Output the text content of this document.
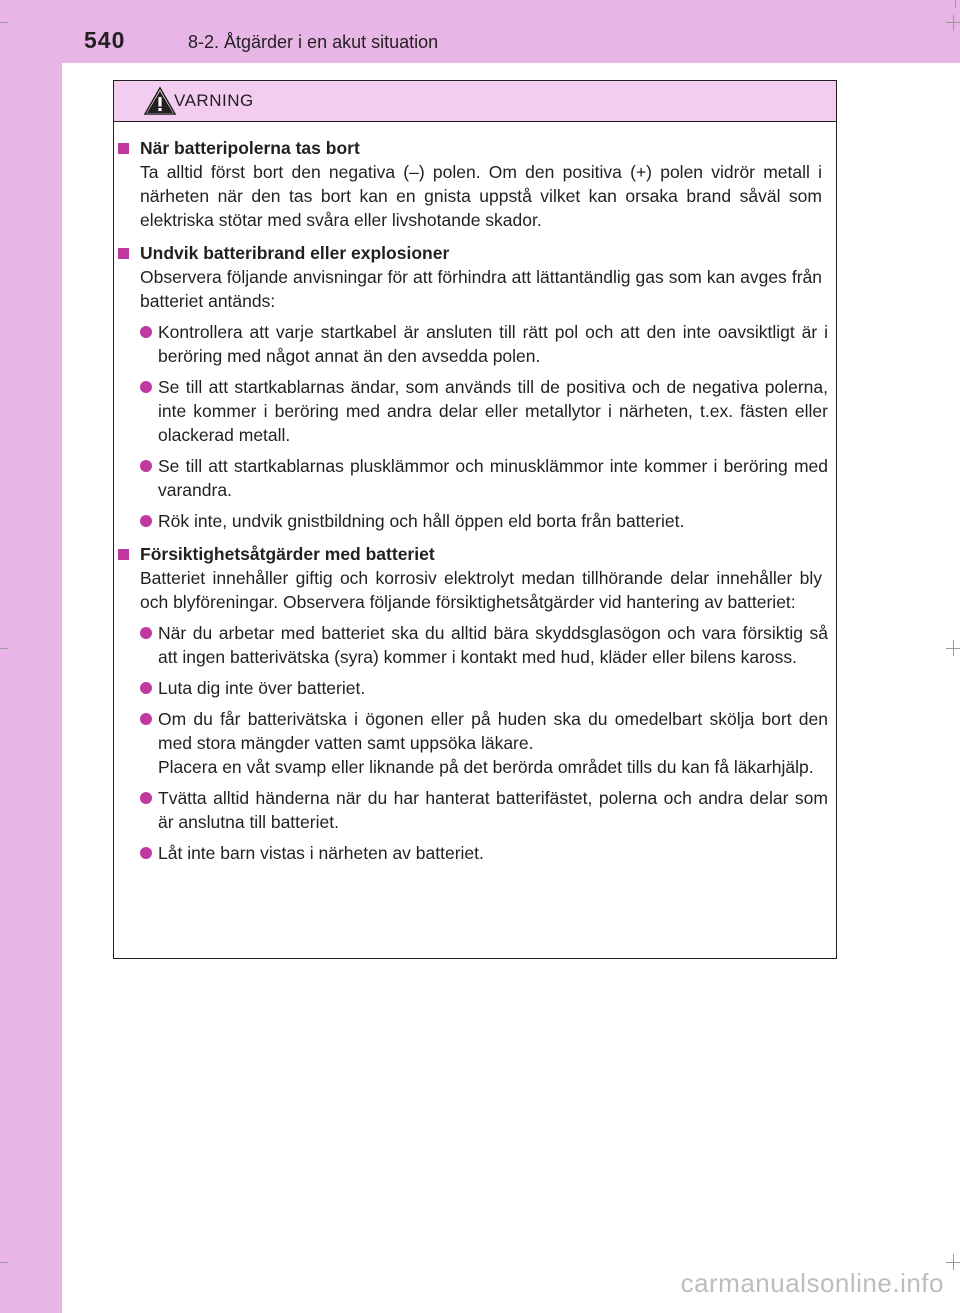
540	8-2. Åtgärder i en akut situation
VARNING
När batteripolerna tas bort
Ta alltid först bort den negativa (–) polen. Om den positiva (+) polen vidrör metall i närheten när den tas bort kan en gnista uppstå vilket kan orsaka brand såväl som elektriska stötar med svåra eller livshotande skador.
Undvik batteribrand eller explosioner
Observera följande anvisningar för att förhindra att lättantändlig gas som kan avges från batteriet antänds:

Kontrollera att varje startkabel är ansluten till rätt pol och att den inte oavsiktligt är i beröring med något annat än den avsedda polen.

Se till att startkablarnas ändar, som används till de positiva och de negativa polerna, inte kommer i beröring med andra delar eller metallytor i närheten, t.ex. fästen eller olackerad metall.

Se till att startkablarnas plusklämmor och minusklämmor inte kommer i beröring med varandra.

Rök inte, undvik gnistbildning och håll öppen eld borta från batteriet.

Försiktighetsåtgärder med batteriet
Batteriet innehåller giftig och korrosiv elektrolyt medan tillhörande delar innehåller bly och blyföreningar. Observera följande försiktighetsåtgärder vid hantering av batteriet:

När du arbetar med batteriet ska du alltid bära skyddsglasögon och vara försiktig så att ingen batterivätska (syra) kommer i kontakt med hud, kläder eller bilens kaross.

Luta dig inte över batteriet.

Om du får batterivätska i ögonen eller på huden ska du omedelbart skölja bort den med stora mängder vatten samt uppsöka läkare.

Placera en våt svamp eller liknande på det berörda området tills du kan få läkarhjälp.

Tvätta alltid händerna när du har hanterat batterifästet, polerna och andra delar som är anslutna till batteriet.

Låt inte barn vistas i närheten av batteriet.

carmanualsonline.info
